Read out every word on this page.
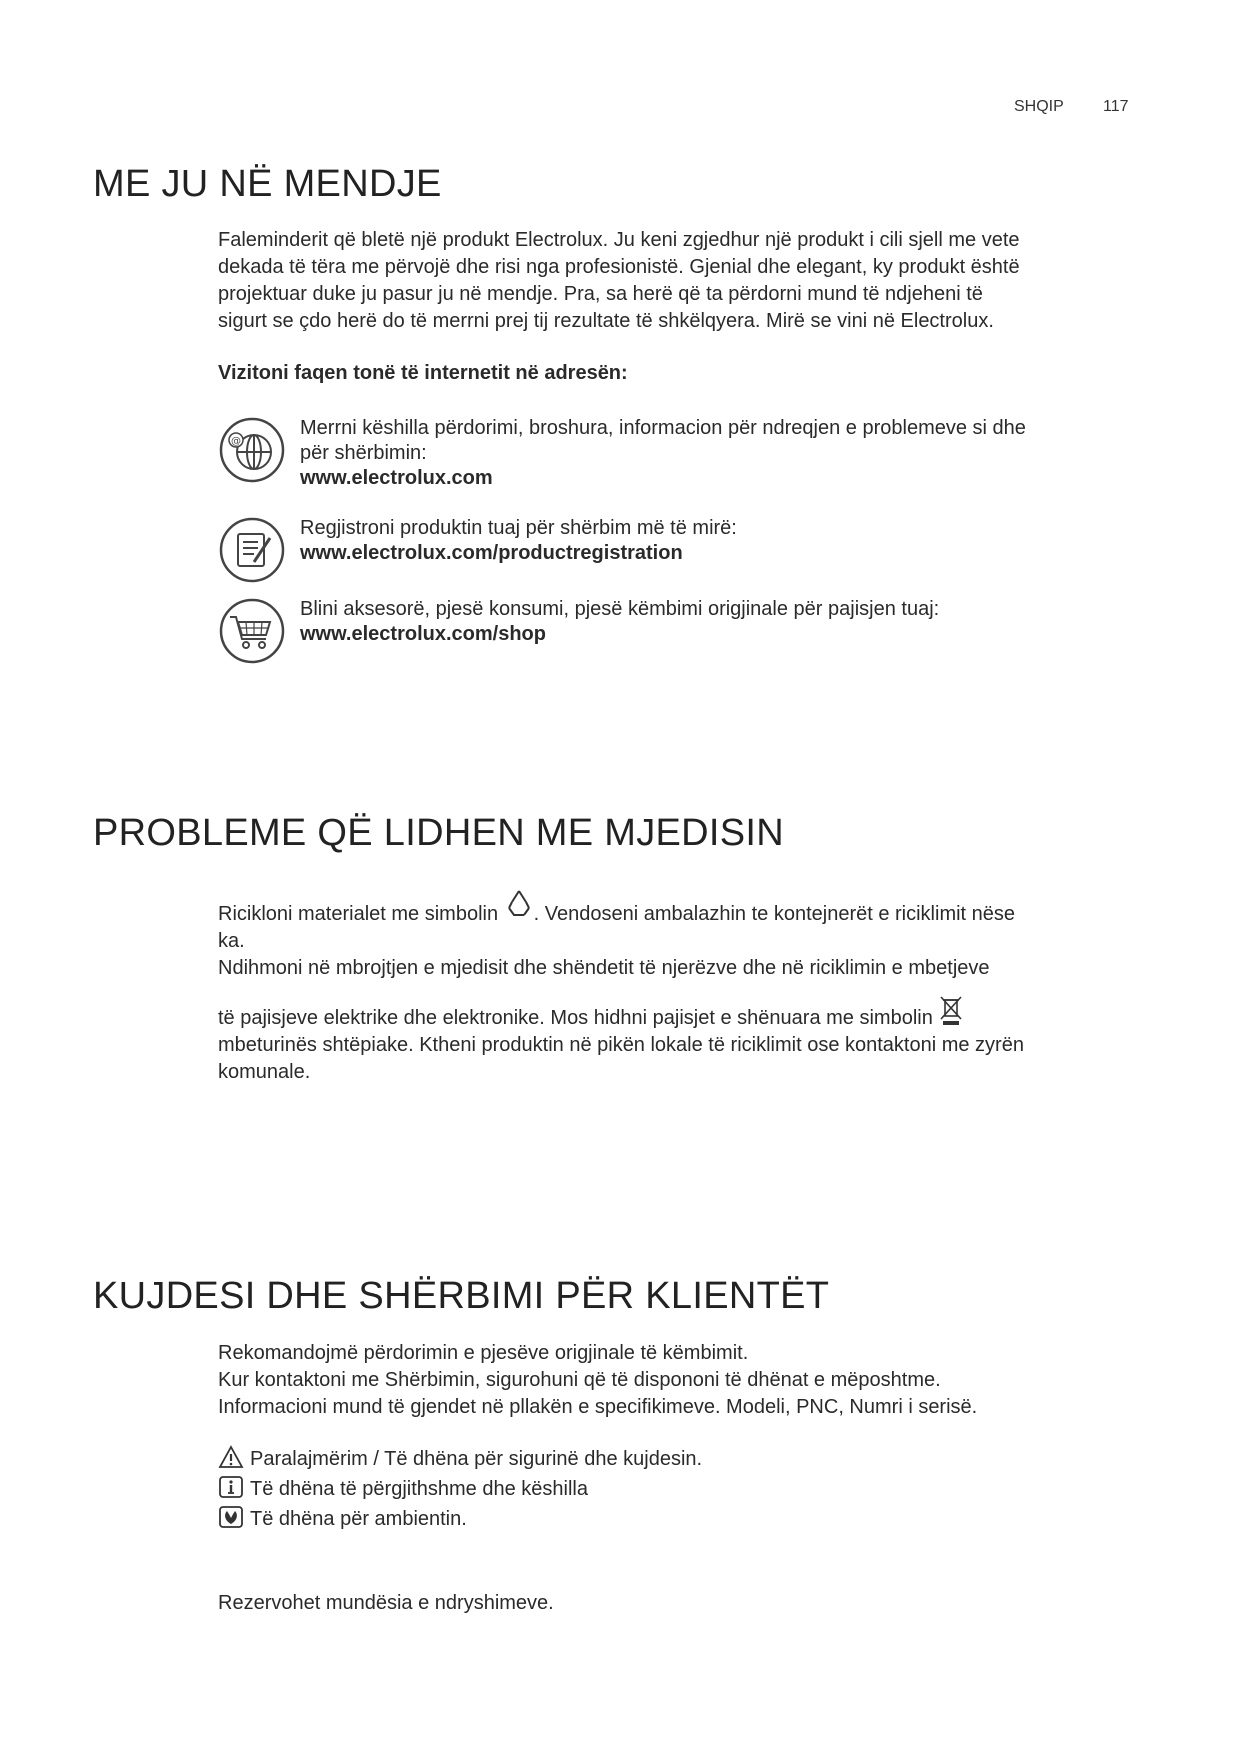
SHQIP 117
ME JU NË MENDJE
Faleminderit që bletë një produkt Electrolux. Ju keni zgjedhur një produkt i cili sjell me vete
dekada të tëra me përvojë dhe risi nga profesionistë. Gjenial dhe elegant, ky produkt është
projektuar duke ju pasur ju në mendje. Pra, sa herë që ta përdorni mund të ndjeheni të
sigurt se çdo herë do të merrni prej tij rezultate të shkëlqyera. Mirë se vini në Electrolux.
Vizitoni faqen tonë të internetit në adresën:
@
Merrni këshilla përdorimi, broshura, informacion për ndreqjen e problemeve si dhe
për shërbimin:
www.electrolux.com
Regjistroni produktin tuaj për shërbim më të mirë:
www.electrolux.com/productregistration
Blini aksesorë, pjesë konsumi, pjesë këmbimi origjinale për pajisjen tuaj:
www.electrolux.com/shop
PROBLEME QË LIDHEN ME MJEDISIN
Ricikloni materialet me simbolin . Vendoseni ambalazhin te kontejnerët e riciklimit nëse
ka.
Ndihmoni në mbrojtjen e mjedisit dhe shëndetit të njerëzve dhe në riciklimin e mbetjeve
të pajisjeve elektrike dhe elektronike. Mos hidhni pajisjet e shënuara me simbolin
mbeturinës shtëpiake. Ktheni produktin në pikën lokale të riciklimit ose kontaktoni me zyrën
komunale.
KUJDESI DHE SHËRBIMI PËR KLIENTËT
Rekomandojmë përdorimin e pjesëve origjinale të këmbimit.
Kur kontaktoni me Shërbimin, sigurohuni që të dispononi të dhënat e mëposhtme.
Informacioni mund të gjendet në pllakën e specifikimeve. Modeli, PNC, Numri i serisë.
Paralajmërim / Të dhëna për sigurinë dhe kujdesin.
Të dhëna të përgjithshme dhe këshilla
Të dhëna për ambientin.
Rezervohet mundësia e ndryshimeve.
